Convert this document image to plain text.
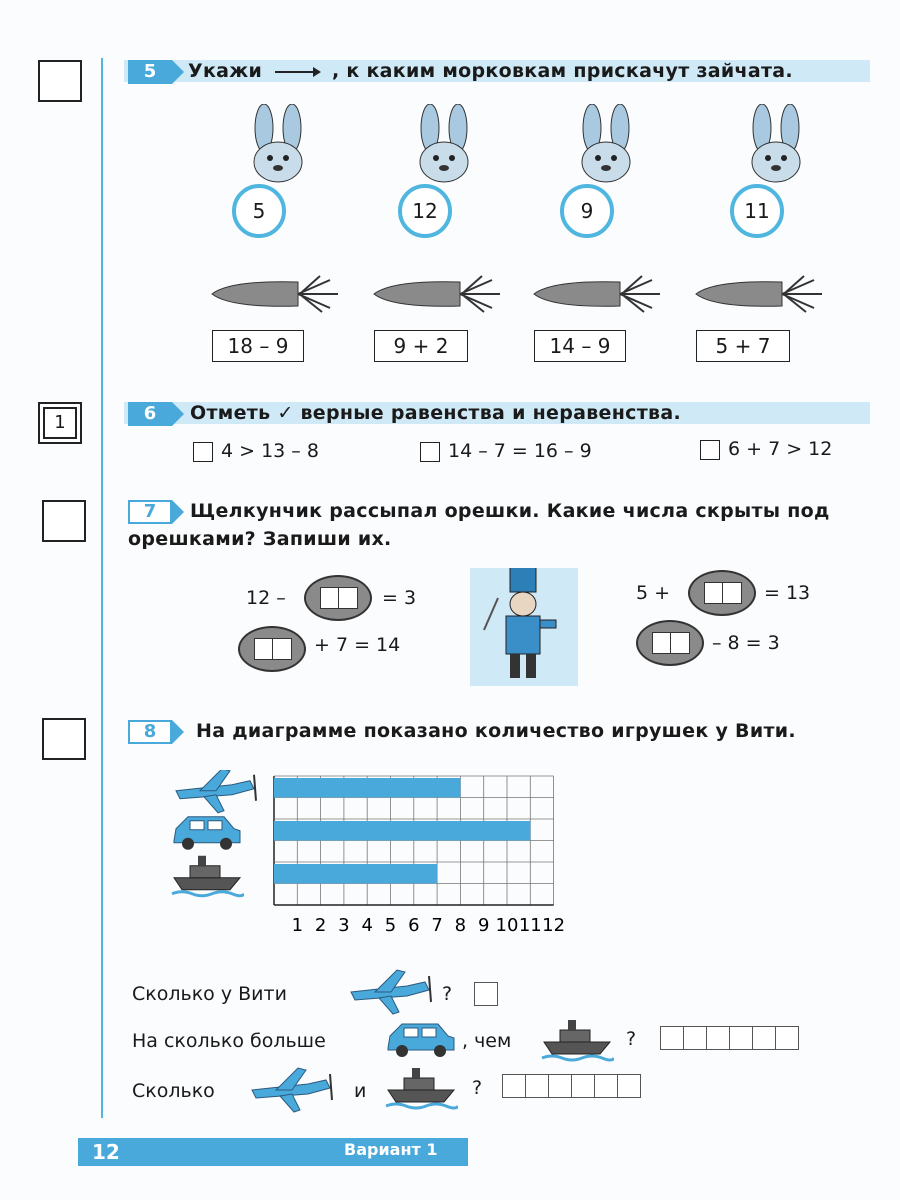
1
5	Укажи	, к каким морковкам прискачут зайчата.
5	12	9	11
18 – 9	9 + 2	14 – 9	5 + 7
6	Отметь ✓ верные равенства и неравенства.
4 > 13 – 8	14 – 7 = 16 – 9	6 + 7 > 12
7	Щелкунчик рассыпал орешки. Какие числа скрыты под
орешками? Запиши их.
12 –	= 3
+ 7 = 14
5 +	= 13
– 8 = 3
8	На диаграмме показано количество игрушек у Вити.
1 2 3 4 5 6 7 8 9 10 11 12
Сколько у Вити	?
На сколько больше	, чем	?
Сколько	и	?
12	Вариант 1
